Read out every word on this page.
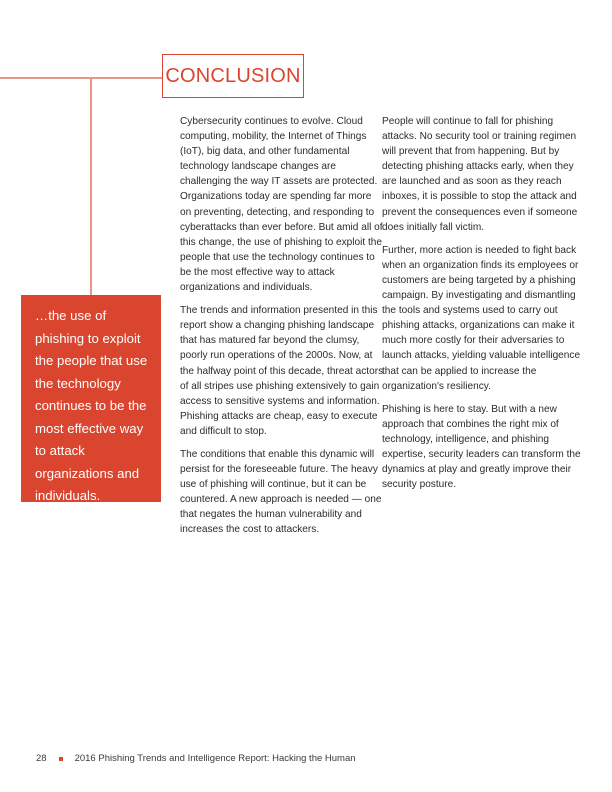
CONCLUSION

…the use of phishing to exploit the people that use the technology continues to be the most effective way to attack organizations and individuals.

Cybersecurity continues to evolve. Cloud computing, mobility, the Internet of Things (IoT), big data, and other fundamental technology landscape changes are challenging the way IT assets are protected. Organizations today are spending far more on preventing, detecting, and responding to cyberattacks than ever before. But amid all of this change, the use of phishing to exploit the people that use the technology continues to be the most effective way to attack organizations and individuals.

The trends and information presented in this report show a changing phishing landscape that has matured far beyond the clumsy, poorly run operations of the 2000s. Now, at the halfway point of this decade, threat actors of all stripes use phishing extensively to gain access to sensitive systems and information. Phishing attacks are cheap, easy to execute and difficult to stop.

The conditions that enable this dynamic will persist for the foreseeable future. The heavy use of phishing will continue, but it can be countered. A new approach is needed — one that negates the human vulnerability and increases the cost to attackers.

People will continue to fall for phishing attacks. No security tool or training regimen will prevent that from happening. But by detecting phishing attacks early, when they are launched and as soon as they reach inboxes, it is possible to stop the attack and prevent the consequences even if someone does initially fall victim.

Further, more action is needed to fight back when an organization finds its employees or customers are being targeted by a phishing campaign. By investigating and dismantling the tools and systems used to carry out phishing attacks, organizations can make it much more costly for their adversaries to launch attacks, yielding valuable intelligence that can be applied to increase the organization's resiliency.

Phishing is here to stay. But with a new approach that combines the right mix of technology, intelligence, and phishing expertise, security leaders can transform the dynamics at play and greatly improve their security posture.

28	2016 Phishing Trends and Intelligence Report: Hacking the Human
